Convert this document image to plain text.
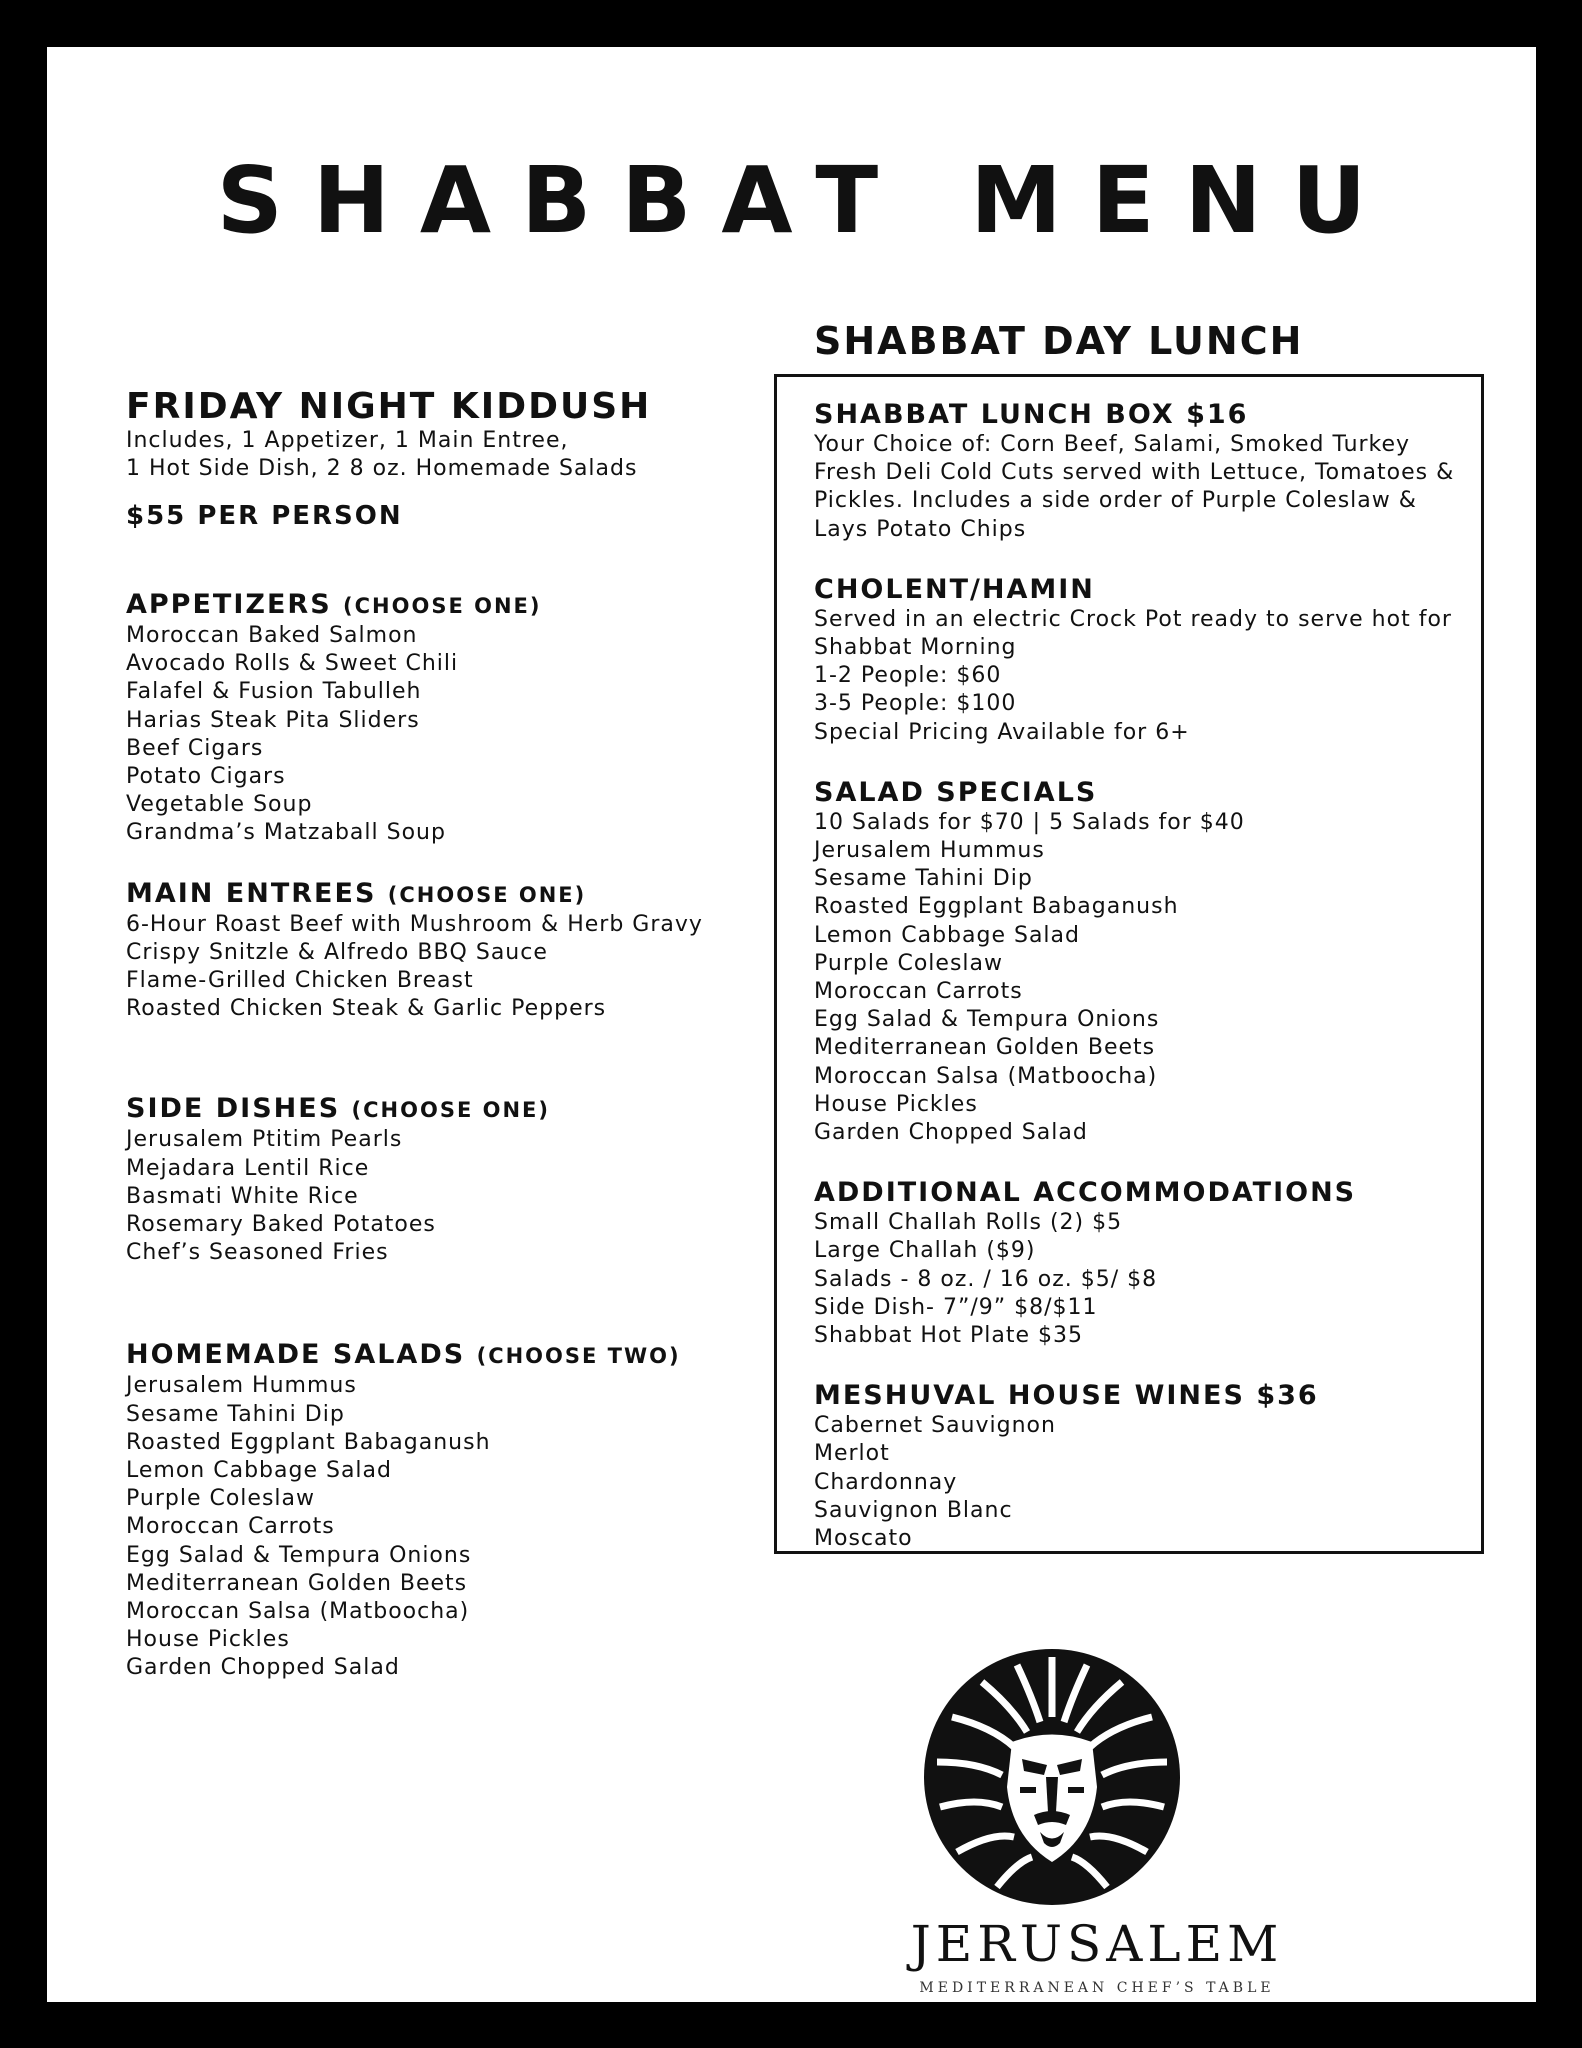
SHABBAT MENU
FRIDAY NIGHT KIDDUSH
Includes, 1 Appetizer, 1 Main Entree,
1 Hot Side Dish, 2 8 oz. Homemade Salads
$55 PER PERSON
APPETIZERS (CHOOSE ONE)
Moroccan Baked Salmon
Avocado Rolls & Sweet Chili
Falafel & Fusion Tabulleh
Harias Steak Pita Sliders
Beef Cigars
Potato Cigars
Vegetable Soup
Grandma’s Matzaball Soup
MAIN ENTREES (CHOOSE ONE)
6-Hour Roast Beef with Mushroom & Herb Gravy
Crispy Snitzle & Alfredo BBQ Sauce
Flame-Grilled Chicken Breast
Roasted Chicken Steak & Garlic Peppers
SIDE DISHES (CHOOSE ONE)
Jerusalem Ptitim Pearls
Mejadara Lentil Rice
Basmati White Rice
Rosemary Baked Potatoes
Chef’s Seasoned Fries
HOMEMADE SALADS (CHOOSE TWO)
Jerusalem Hummus
Sesame Tahini Dip
Roasted Eggplant Babaganush
Lemon Cabbage Salad
Purple Coleslaw
Moroccan Carrots
Egg Salad & Tempura Onions
Mediterranean Golden Beets
Moroccan Salsa (Matboocha)
House Pickles
Garden Chopped Salad
SHABBAT DAY LUNCH
SHABBAT LUNCH BOX $16
Your Choice of: Corn Beef, Salami, Smoked Turkey
Fresh Deli Cold Cuts served with Lettuce, Tomatoes &
Pickles. Includes a side order of Purple Coleslaw &
Lays Potato Chips
CHOLENT/HAMIN
Served in an electric Crock Pot ready to serve hot for
Shabbat Morning
1-2 People: $60
3-5 People: $100
Special Pricing Available for 6+
SALAD SPECIALS
10 Salads for $70 | 5 Salads for $40
Jerusalem Hummus
Sesame Tahini Dip
Roasted Eggplant Babaganush
Lemon Cabbage Salad
Purple Coleslaw
Moroccan Carrots
Egg Salad & Tempura Onions
Mediterranean Golden Beets
Moroccan Salsa (Matboocha)
House Pickles
Garden Chopped Salad
ADDITIONAL ACCOMMODATIONS
Small Challah Rolls (2) $5
Large Challah ($9)
Salads - 8 oz. / 16 oz. $5/ $8
Side Dish- 7”/9” $8/$11
Shabbat Hot Plate $35
MESHUVAL HOUSE WINES $36
Cabernet Sauvignon
Merlot
Chardonnay
Sauvignon Blanc
Moscato
JERUSALEM
MEDITERRANEAN CHEF’S TABLE
